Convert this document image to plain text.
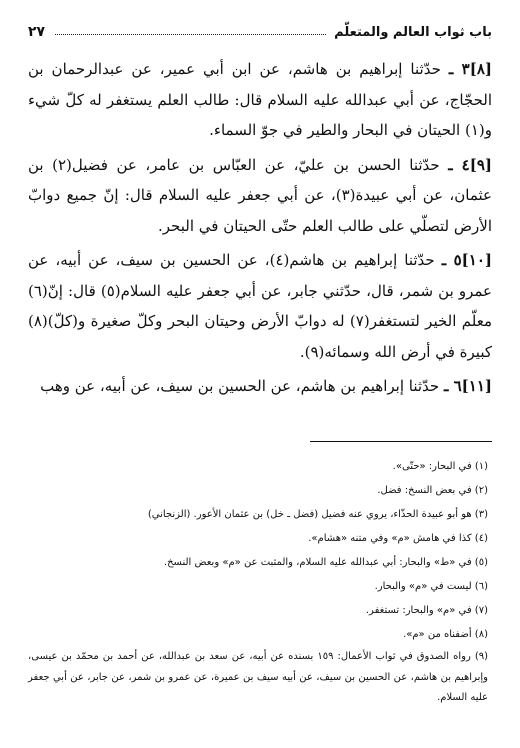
باب ثواب العالم والمتعلّم
٢٧

[٨]٣ ـ حدّثنا إبراهيم بن هاشم، عن ابن أبي عمير، عن عبدالرحمان بن الحجّاج، عن أبي عبدالله عليه السلام قال: طالب العلم يستغفر له كلّ شيء و(١) الحيتان في البحار والطير في جوّ السماء.

[٩]٤ ـ حدّثنا الحسن بن عليّ، عن العبّاس بن عامر، عن فضيل(٢) بن عثمان، عن أبي عبيدة(٣)، عن أبي جعفر عليه السلام قال: إنّ جميع دوابّ الأرض لتصلّي على طالب العلم حتّى الحيتان في البحر.

[١٠]٥ ـ حدّثنا إبراهيم بن هاشم(٤)، عن الحسين بن سيف، عن أبيه، عن عمرو بن شمر، قال، حدّثني جابر، عن أبي جعفر عليه السلام(٥) قال: إنّ(٦) معلّم الخير لتستغفر(٧) له دوابّ الأرض وحيتان البحر وكلّ صغيرة و(كلّ)(٨) كبيرة في أرض الله وسمائه(٩).

[١١]٦ ـ حدّثنا إبراهيم بن هاشم، عن الحسين بن سيف، عن أبيه، عن وهب

(١) في البحار: «حتّى».

(٢) في بعض النسخ: فضل.

(٣) هو أبو عبيدة الحذّاء، يروي عنه فضيل (فضل ـ خل) بن عثمان الأعور. (الزنجاني)

(٤) كذا في هامش «م» وفي متنه «هشام».

(٥) في «ط» والبحار: أبي عبدالله عليه السلام، والمثبت عن «م» وبعض النسخ.

(٦) ليست في «م» والبحار.

(٧) في «م» والبحار: تستغفر.

(٨) أضفناه من «م».

(٩) رواه الصدوق في ثواب الأعمال: ١٥٩ بسنده عن أبيه، عن سعد بن عبدالله، عن أحمد بن محمّد بن عيسى، وإبراهيم بن هاشم، عن الحسين بن سيف، عن أبيه سيف بن عميرة، عن عمرو بن شمر، عن جابر، عن أبي جعفر عليه السلام.
